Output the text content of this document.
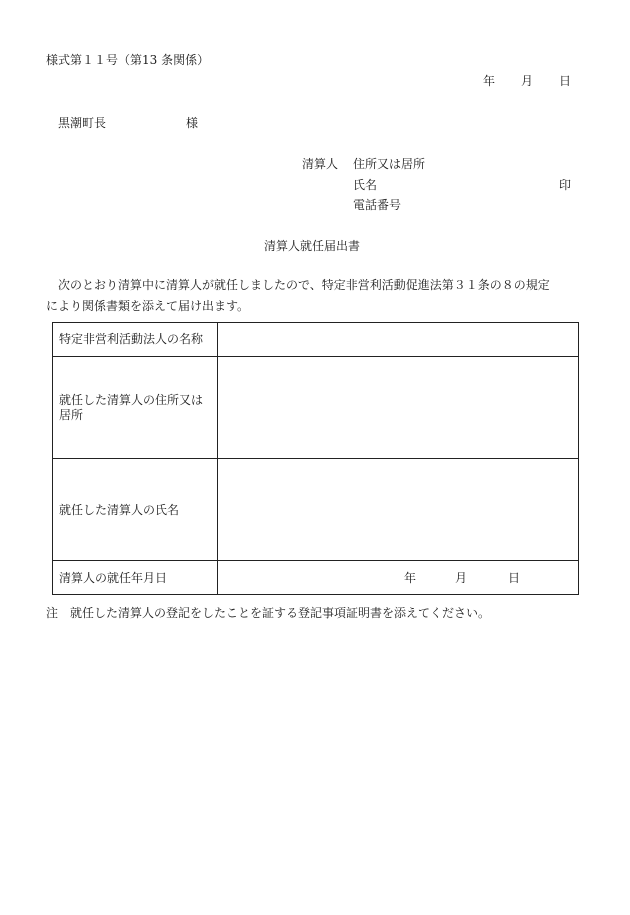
様式第１１号（第13 条関係）
年 月 日
黒潮町長	様
清算人 住所又は居所
氏名	印
電話番号
清算人就任届出書
　次のとおり清算中に清算人が就任しましたので、特定非営利活動促進法第３１条の８の規定
により関係書類を添えて届け出ます。
特定非営利活動法人の名称
就任した清算人の住所又は居所
就任した清算人の氏名
清算人の就任年月日	年	月	日
注　就任した清算人の登記をしたことを証する登記事項証明書を添えてください。
